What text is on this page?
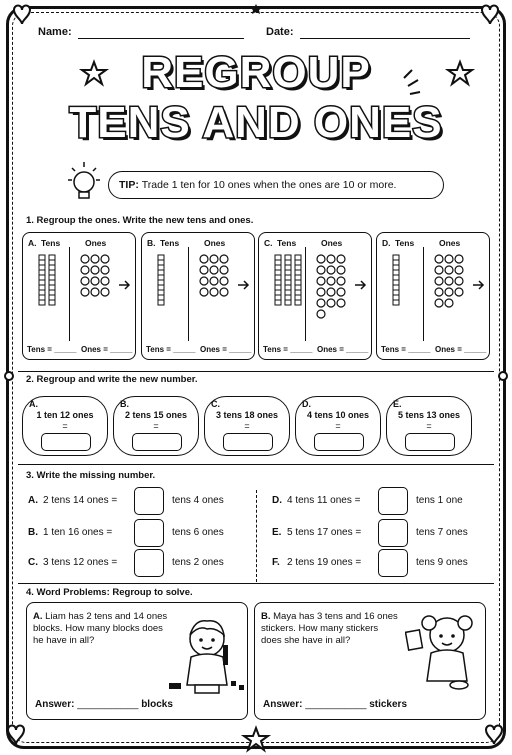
Name:	Date:
REGROUP
TENS AND ONES
TIP:
Trade 1 ten for 10 ones when the ones are 10 or more.
1. Regroup the ones. Write the new tens and ones.
A. Tens	Ones
Tens = _____ Ones = _____
B. Tens	Ones
Tens = _____ Ones = _____
C. Tens	Ones
Tens = _____ Ones = _____
D. Tens	Ones
Tens = _____ Ones = _____
2. Regroup and write the new number.
A.
1 ten 12 ones
=
B.
2 tens 15 ones
=
C.
3 tens 18 ones
=
D.
4 tens 10 ones
=
E.
5 tens 13 ones
=
3. Write the missing number.
A. 2 tens 14 ones =	tens 4 ones
B. 1 ten 16 ones =	tens 6 ones
C. 3 tens 12 ones =	tens 2 ones
D. 4 tens 11 ones =	tens 1 one
E. 5 tens 17 ones =	tens 7 ones
F. 2 tens 19 ones =	tens 9 ones
4. Word Problems: Regroup to solve.
A. Liam has 2 tens and 14 ones
blocks. How many blocks does
he have in all?
Answer: ___________ blocks
B. Maya has 3 tens and 16 ones
stickers. How many stickers
does she have in all?
Answer: ___________ stickers
